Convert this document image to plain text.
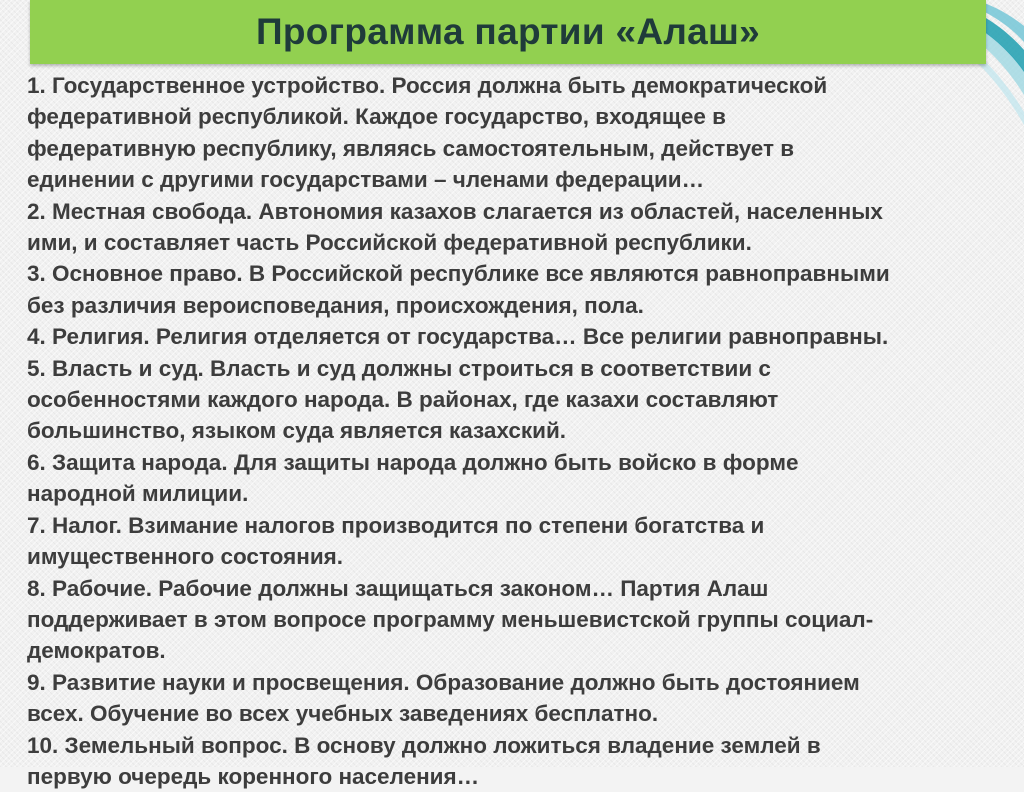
Программа партии «Алаш»

1. Государственное устройство. Россия должна быть демократической
федеративной республикой. Каждое государство, входящее в
федеративную республику, являясь самостоятельным, действует в
единении с другими государствами – членами федерации…

2. Местная свобода. Автономия казахов слагается из областей, населенных
ими, и составляет часть Российской федеративной республики.

3. Основное право. В Российской республике все являются равноправными
без различия вероисповедания, происхождения, пола.

4. Религия. Религия отделяется от государства… Все религии равноправны.

5. Власть и суд. Власть и суд должны строиться в соответствии с
особенностями каждого народа. В районах, где казахи составляют
большинство, языком суда является казахский.

6. Защита народа. Для защиты народа должно быть войско в форме
народной милиции.

7. Налог. Взимание налогов производится по степени богатства и
имущественного состояния.

8. Рабочие. Рабочие должны защищаться законом… Партия Алаш
поддерживает в этом вопросе программу меньшевистской группы социал-
демократов.

9. Развитие науки и просвещения. Образование должно быть достоянием
всех. Обучение во всех учебных заведениях бесплатно.

10. Земельный вопрос. В основу должно ложиться владение землей в
первую очередь коренного населения…
